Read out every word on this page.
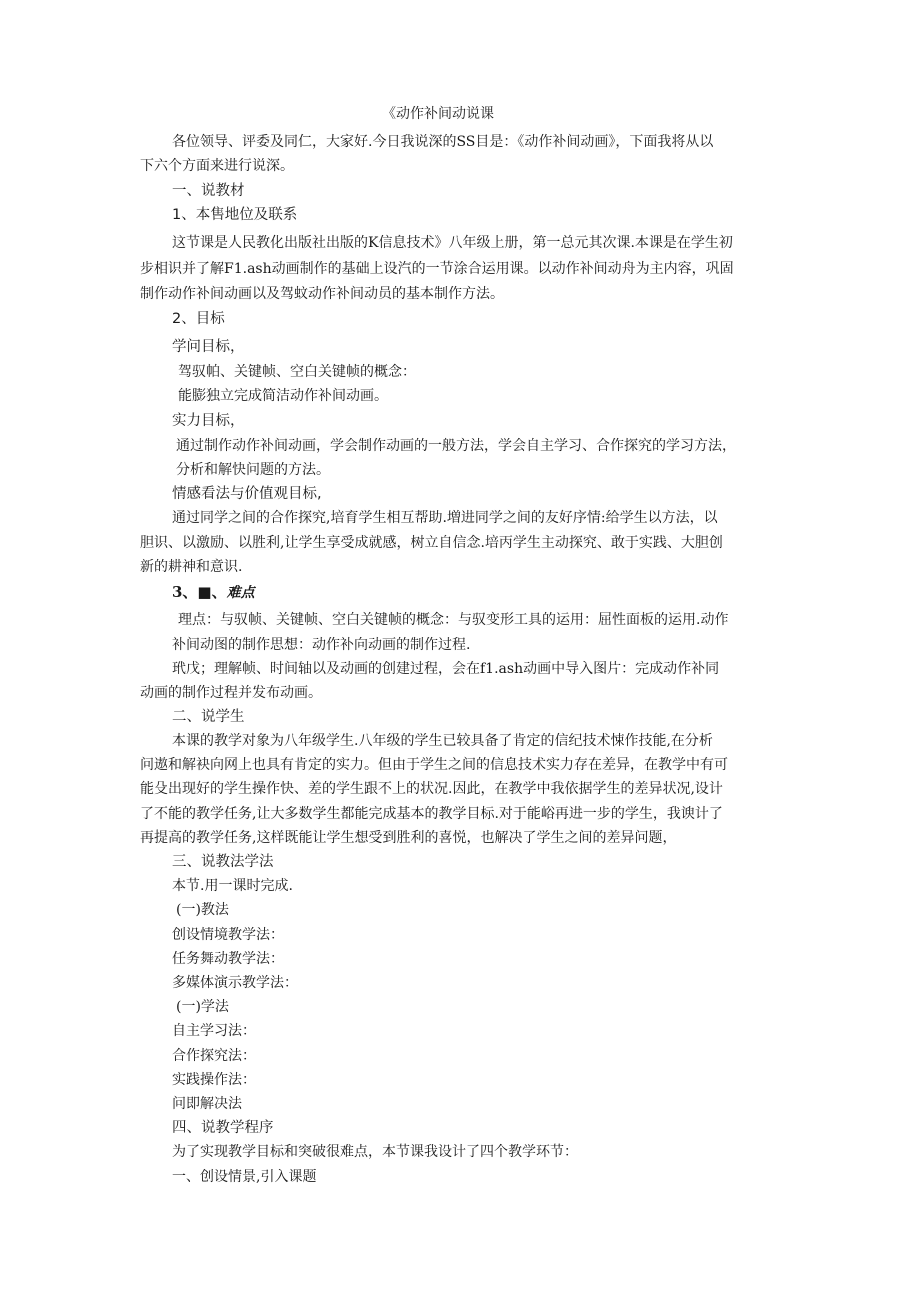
《动作补间动说课
各位领导、评委及同仁，大家好.今日我说深的SS目是：《动作补间动画》，下面我将从以
下六个方面来进行说深。
一、说教材
1、本售地位及联系
这节课是人民教化出版社出版的K信息技术》八年级上册，第一总元其次课.本课是在学生初
步相识并了解F1.ash动画制作的基础上设汽的一节涂合运用课。以动作补间动舟为主内容，巩固
制作动作补间动画以及驾蚊动作补间动员的基本制作方法。
2、目标
学问目标，
驾驭帕、关键帧、空白关键帧的概念：
能膨独立完成简洁动作补间动画。
实力目标，
通过制作动作补间动画，学会制作动画的一般方法，学会自主学习、合作探究的学习方法，
分析和解快问题的方法。
情感看法与价值观目标,
通过同学之间的合作探究,培育学生相互帮助.増进同学之间的友好序情:给学生以方法，以
胆识、以激励、以胜利,让学生享受成就感，树立自信念.培丙学生主动探究、敢于实践、大胆创
新的耕神和意识.
3、■、难点
理点：与驭帧、关键帧、空白关键帧的概念：与驭变形工具的运用：屈性面板的运用.动作
补间动图的制作思想：动作补向动画的制作过程.
玳戊；理解帧、时间轴以及动画的创建过程，会在f1.ash动画中导入图片：完成动作补同
动画的制作过程并发布动画。
二、说学生
本课的教学对象为八年级学生.八年级的学生已较具备了肯定的信纪技术悚作技能,在分析
问遨和解袂向网上也具有肯定的实力。但由于学生之间的信息技术实力存在差异，在教学中有可
能殳出现好的学生操作快、差的学生跟不上的状况.因此，在教学中我依据学生的差异状况,设计
了不能的教学任务,让大多数学生都能完成基本的教学目标.对于能峪再进一步的学生，我谀计了
再提高的教学任务,这样既能让学生想受到胜利的喜悦，也解决了学生之间的差异问题，
三、说教法学法
本节.用一课时完成.
(一)教法
创设情境教学法：
任务舞动教学法：
多媒体演示教学法：
(一)学法
自主学习法：
合作探究法：
实践操作法：
问即解决法
四、说教学程序
为了实现教学目标和突破很难点，本节课我设计了四个教学环节：
一、创设情景,引入课题
